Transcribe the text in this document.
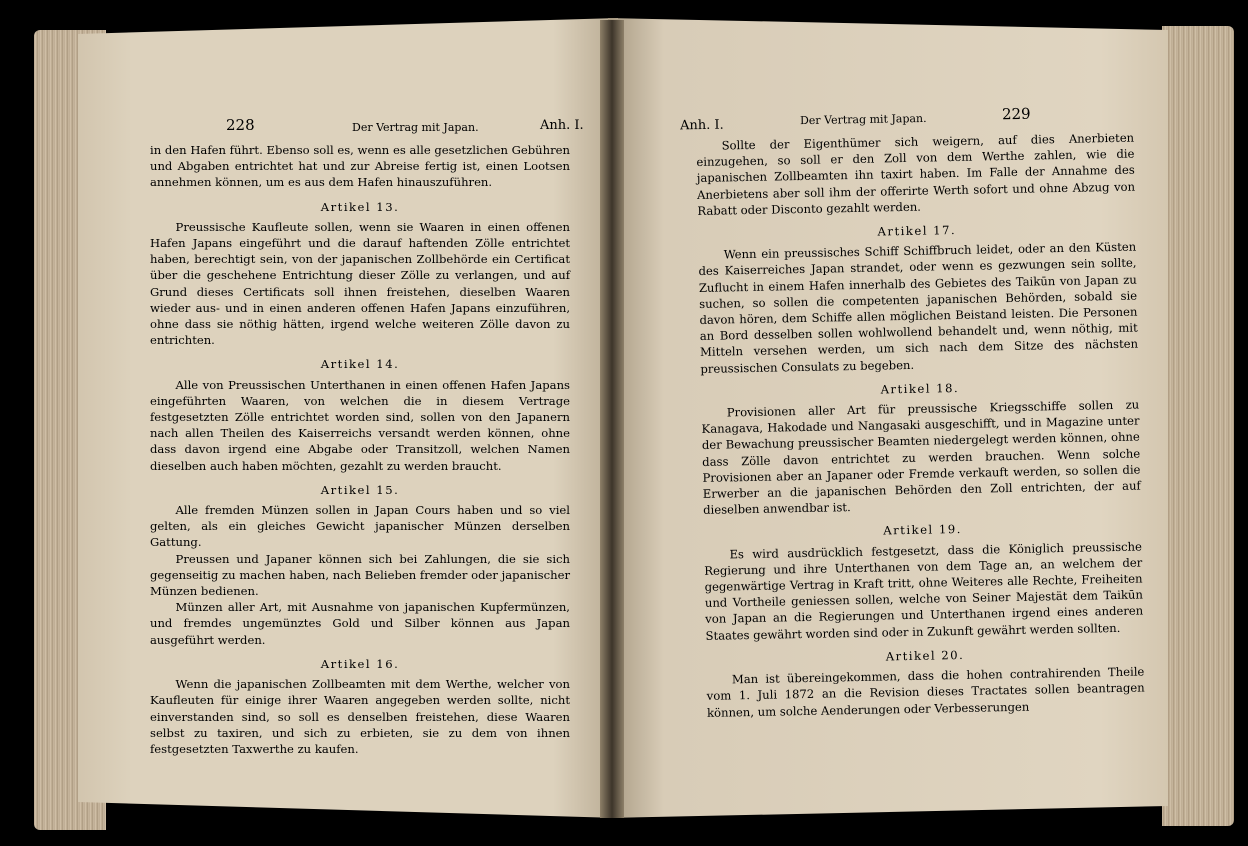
228	Der Vertrag mit Japan.	Anh. I.	Anh. I.	Der Vertrag mit Japan.	229

in den Hafen führt. Ebenso soll es, wenn es alle gesetzlichen Gebühren und Abgaben entrichtet hat und zur Abreise fertig ist, einen Lootsen annehmen können, um es aus dem Hafen hinauszuführen.

Artikel 13.

Preussische Kaufleute sollen, wenn sie Waaren in einen offenen Hafen Japans eingeführt und die darauf haftenden Zölle entrichtet haben, berechtigt sein, von der japanischen Zollbehörde ein Certificat über die geschehene Entrichtung dieser Zölle zu verlangen, und auf Grund dieses Certificats soll ihnen freistehen, dieselben Waaren wieder aus- und in einen anderen offenen Hafen Japans einzuführen, ohne dass sie nöthig hätten, irgend welche weiteren Zölle davon zu entrichten.

Artikel 14.

Alle von Preussischen Unterthanen in einen offenen Hafen Japans eingeführten Waaren, von welchen die in diesem Vertrage festgesetzten Zölle entrichtet worden sind, sollen von den Japanern nach allen Theilen des Kaiserreichs versandt werden können, ohne dass davon irgend eine Abgabe oder Transitzoll, welchen Namen dieselben auch haben möchten, gezahlt zu werden braucht.

Artikel 15.

Alle fremden Münzen sollen in Japan Cours haben und so viel gelten, als ein gleiches Gewicht japanischer Münzen derselben Gattung.

Preussen und Japaner können sich bei Zahlungen, die sie sich gegenseitig zu machen haben, nach Belieben fremder oder japanischer Münzen bedienen.

Münzen aller Art, mit Ausnahme von japanischen Kupfermünzen, und fremdes ungemünztes Gold und Silber können aus Japan ausgeführt werden.

Artikel 16.

Wenn die japanischen Zollbeamten mit dem Werthe, welcher von Kaufleuten für einige ihrer Waaren angegeben werden sollte, nicht einverstanden sind, so soll es denselben freistehen, diese Waaren selbst zu taxiren, und sich zu erbieten, sie zu dem von ihnen festgesetzten Taxwerthe zu kaufen.

Sollte der Eigenthümer sich weigern, auf dies Anerbieten einzugehen, so soll er den Zoll von dem Werthe zahlen, wie die japanischen Zollbeamten ihn taxirt haben. Im Falle der Annahme des Anerbietens aber soll ihm der offerirte Werth sofort und ohne Abzug von Rabatt oder Disconto gezahlt werden.

Artikel 17.

Wenn ein preussisches Schiff Schiffbruch leidet, oder an den Küsten des Kaiserreiches Japan strandet, oder wenn es gezwungen sein sollte, Zuflucht in einem Hafen innerhalb des Gebietes des Taikūn von Japan zu suchen, so sollen die competenten japanischen Behörden, sobald sie davon hören, dem Schiffe allen möglichen Beistand leisten. Die Personen an Bord desselben sollen wohlwollend behandelt und, wenn nöthig, mit Mitteln versehen werden, um sich nach dem Sitze des nächsten preussischen Consulats zu begeben.

Artikel 18.

Provisionen aller Art für preussische Kriegsschiffe sollen zu Kanagava, Hakodade und Nangasaki ausgeschifft, und in Magazine unter der Bewachung preussischer Beamten niedergelegt werden können, ohne dass Zölle davon entrichtet zu werden brauchen. Wenn solche Provisionen aber an Japaner oder Fremde verkauft werden, so sollen die Erwerber an die japanischen Behörden den Zoll entrichten, der auf dieselben anwendbar ist.

Artikel 19.

Es wird ausdrücklich festgesetzt, dass die Königlich preussische Regierung und ihre Unterthanen von dem Tage an, an welchem der gegenwärtige Vertrag in Kraft tritt, ohne Weiteres alle Rechte, Freiheiten und Vortheile geniessen sollen, welche von Seiner Majestät dem Taikūn von Japan an die Regierungen und Unterthanen irgend eines anderen Staates gewährt worden sind oder in Zukunft gewährt werden sollten.

Artikel 20.

Man ist übereingekommen, dass die hohen contrahirenden Theile vom 1. Juli 1872 an die Revision dieses Tractates sollen beantragen können, um solche Aenderungen oder Verbesserungen
